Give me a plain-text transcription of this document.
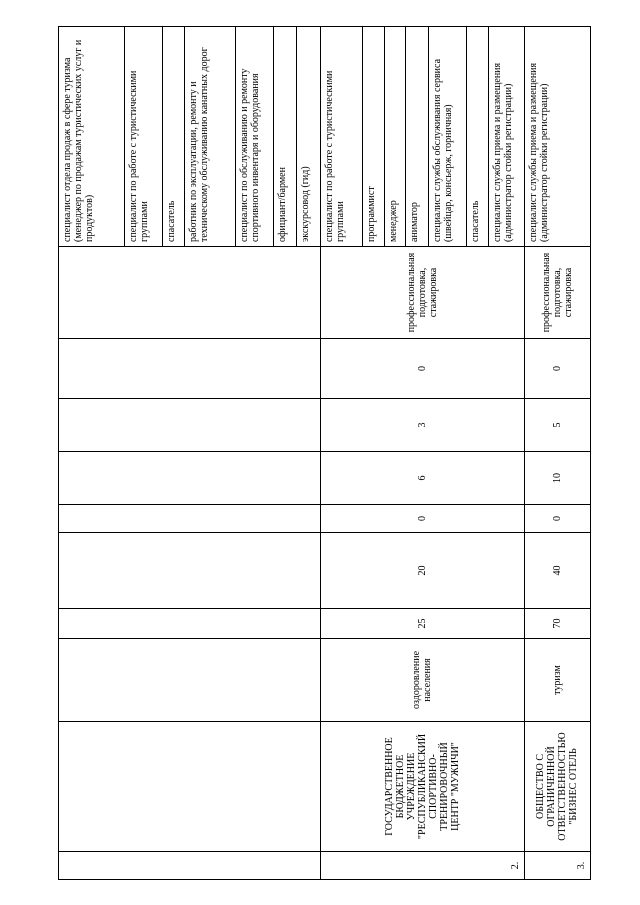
										специалист отдела продаж в сфере туризма (менеджер по продажам туристических услуг и продуктов)
										специалист по работе с туристическими группами
										спасатель
										работник по эксплуатации, ремонту и техническому обслуживанию канатных дорог
										специалист по обслуживанию и ремонту спортивного инвентаря и оборудования
										официант/бармен
										экскурсовод (гид)
2.	ГОСУДАРСТВЕННОЕ БЮДЖЕТНОЕ УЧРЕЖДЕНИЕ "РЕСПУБЛИКАНСКИЙ СПОРТИВНО-ТРЕНИРОВОЧНЫЙ ЦЕНТР "МУЖИЧИ"	оздоровление населения	25	20	0	6	3	0	профессиональная подготовка, стажировка	специалист по работе с туристическими группами
										программист
										менеджер
										аниматор
										специалист службы обслуживания сервиса (швейцар, консьерж, горничная)
										спасатель
										специалист службы приема и размещения (администратор стойки регистрации)
3.	ОБЩЕСТВО С ОГРАНИЧЕННОЙ ОТВЕТСТВЕННОСТЬЮ "БИЗНЕС ОТЕЛЬ	туризм	70	40	0	10	5	0	профессиональная подготовка, стажировка	специалист службы приема и размещения (администратор стойки регистрации)
